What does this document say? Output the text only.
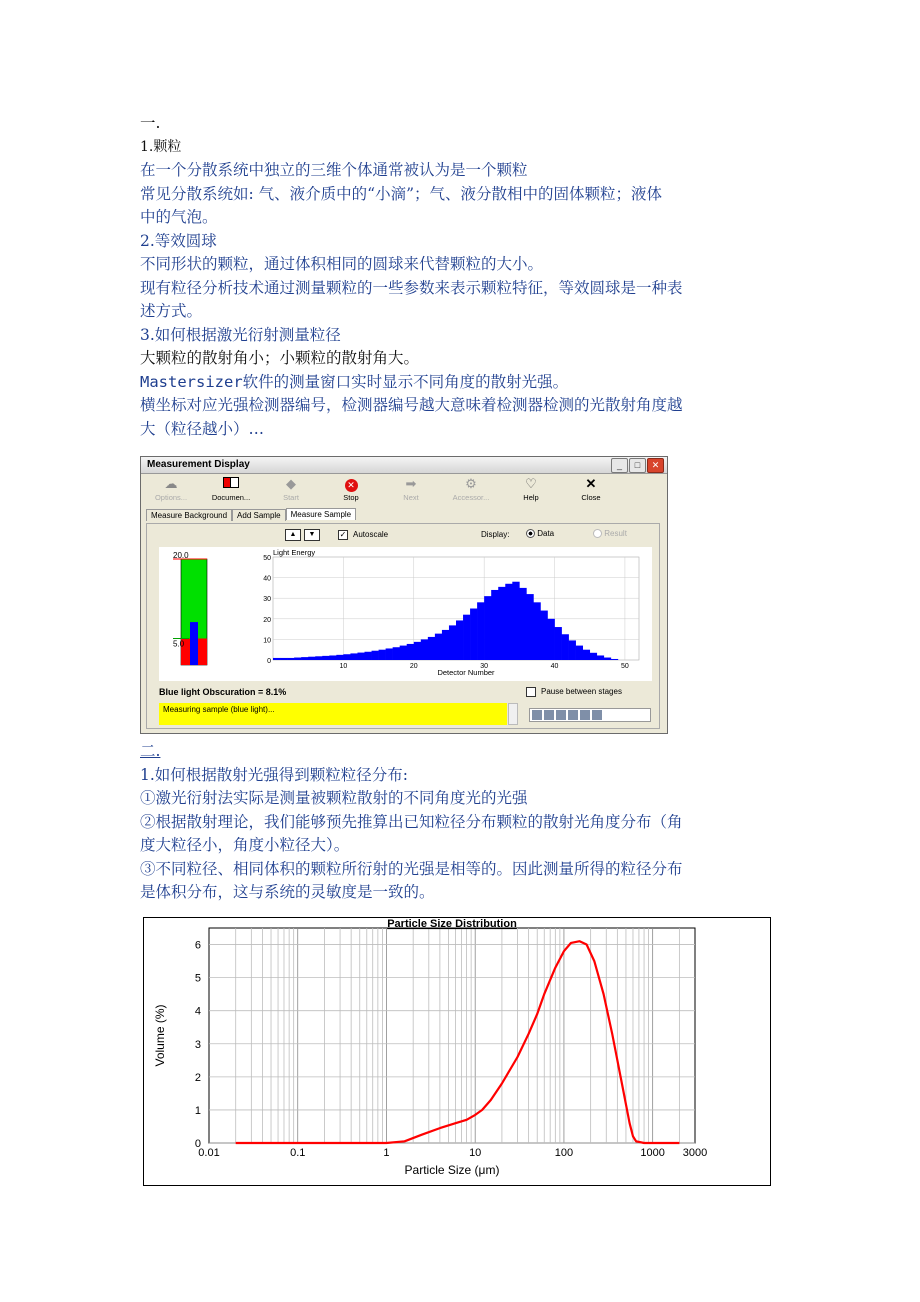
一.

1.颗粒

在一个分散系统中独立的三维个体通常被认为是一个颗粒

常见分散系统如: 气、液介质中的“小滴”；气、液分散相中的固体颗粒；液体

中的气泡。

2.等效圆球

不同形状的颗粒，通过体积相同的圆球来代替颗粒的大小。

现有粒径分析技术通过测量颗粒的一些参数来表示颗粒特征，等效圆球是一种表

述方式。

3.如何根据激光衍射测量粒径

大颗粒的散射角小；小颗粒的散射角大。

Mastersizer软件的测量窗口实时显示不同角度的散射光强。

横坐标对应光强检测器编号，检测器编号越大意味着检测器检测的光散射角度越

大（粒径越小）…

Measurement Display	_	□	✕
☁
Options...	Documen...
◆
Start
✕
Stop
➡
Next
⚙
Accessor...
♡
Help
✕
Close
Measure Background Add Sample Measure Sample
▲	▼	✓ Autoscale	Display:	Data	Result
20.0
5.0
0
10
20
30
40
50
10	20	30	40	50
Light Energy
Detector Number
Blue light Obscuration = 8.1%	Pause between stages
Measuring sample (blue light)...

二.

1.如何根据散射光强得到颗粒粒径分布:

①激光衍射法实际是测量被颗粒散射的不同角度光的光强

②根据散射理论，我们能够预先推算出已知粒径分布颗粒的散射光角度分布（角

度大粒径小，角度小粒径大）。

③不同粒径、相同体积的颗粒所衍射的光强是相等的。因此测量所得的粒径分布

是体积分布，这与系统的灵敏度是一致的。

0
1
2
3
4
5
6
0.01	0.1	1	10	100	1000 3000
Particle Size Distribution
Particle Size (μm)
Volume (%)
